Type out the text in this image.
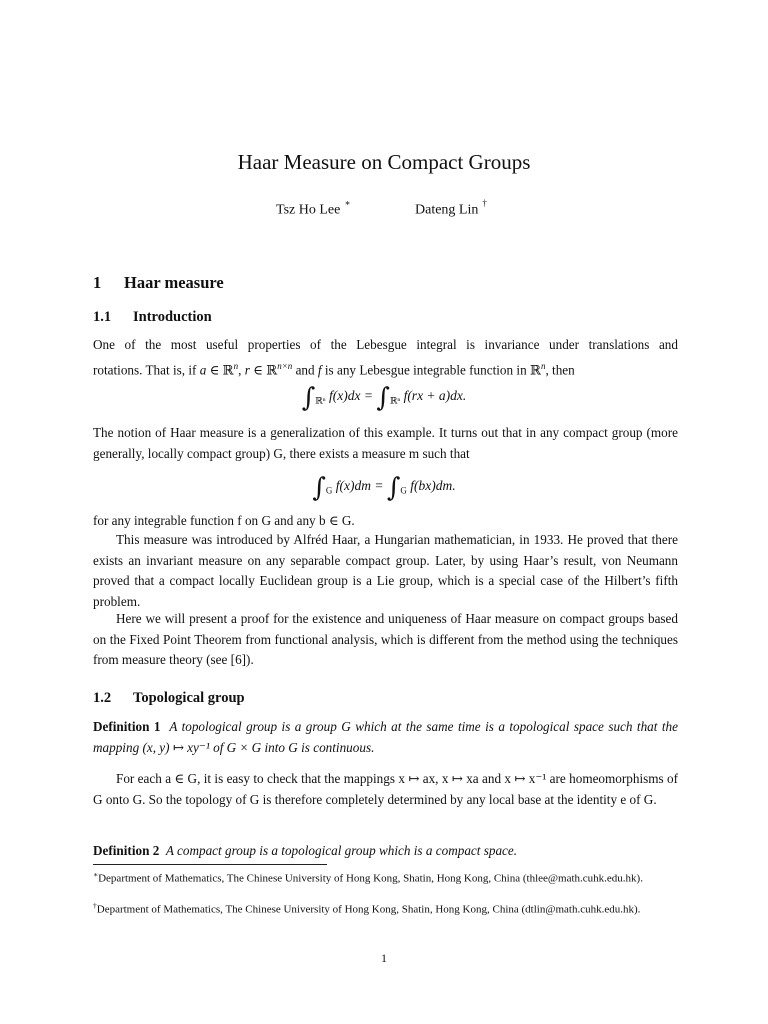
Haar Measure on Compact Groups
Tsz Ho Lee ∗	Dateng Lin †
1 Haar measure
1.1 Introduction
One of the most useful properties of the Lebesgue integral is invariance under translations and
rotations. That is, if a ∈ ℝ$^n$, r ∈ ℝ$^{n\times n}$ and f is any Lebesgue integrable function in ℝ$^n$, then
$\int_{ℝ^n}$ $f(x)dx = \int_{ℝ^n}$ f(rx + a)dx.
The notion of Haar measure is a generalization of this example. It turns out that in any compact group (more generally, locally compact group) G, there exists a measure m such that
$\int_G$ $f(x)dm = \int_G$ f(bx)dm.
for any integrable function f on G and any b ∈ G.
This measure was introduced by Alfréd Haar, a Hungarian mathematician, in 1933. He proved that there exists an invariant measure on any separable compact group. Later, by using Haar’s result, von Neumann proved that a compact locally Euclidean group is a Lie group, which is a special case of the Hilbert’s fifth problem.
Here we will present a proof for the existence and uniqueness of Haar measure on compact groups based on the Fixed Point Theorem from functional analysis, which is different from the method using the techniques from measure theory (see [6]).
1.2 Topological group
Definition 1 A topological group is a group G which at the same time is a topological space such that the mapping (x, y) ↦ xy⁻¹ of G × G into G is continuous.
For each a ∈ G, it is easy to check that the mappings x ↦ ax, x ↦ xa and x ↦ x⁻¹ are homeomorphisms of G onto G. So the topology of G is therefore completely determined by any local base at the identity e of G.
Definition 2 A compact group is a topological group which is a compact space.
∗Department of Mathematics, The Chinese University of Hong Kong, Shatin, Hong Kong, China (thlee@math.cuhk.edu.hk).
†Department of Mathematics, The Chinese University of Hong Kong, Shatin, Hong Kong, China (dtlin@math.cuhk.edu.hk).
1
